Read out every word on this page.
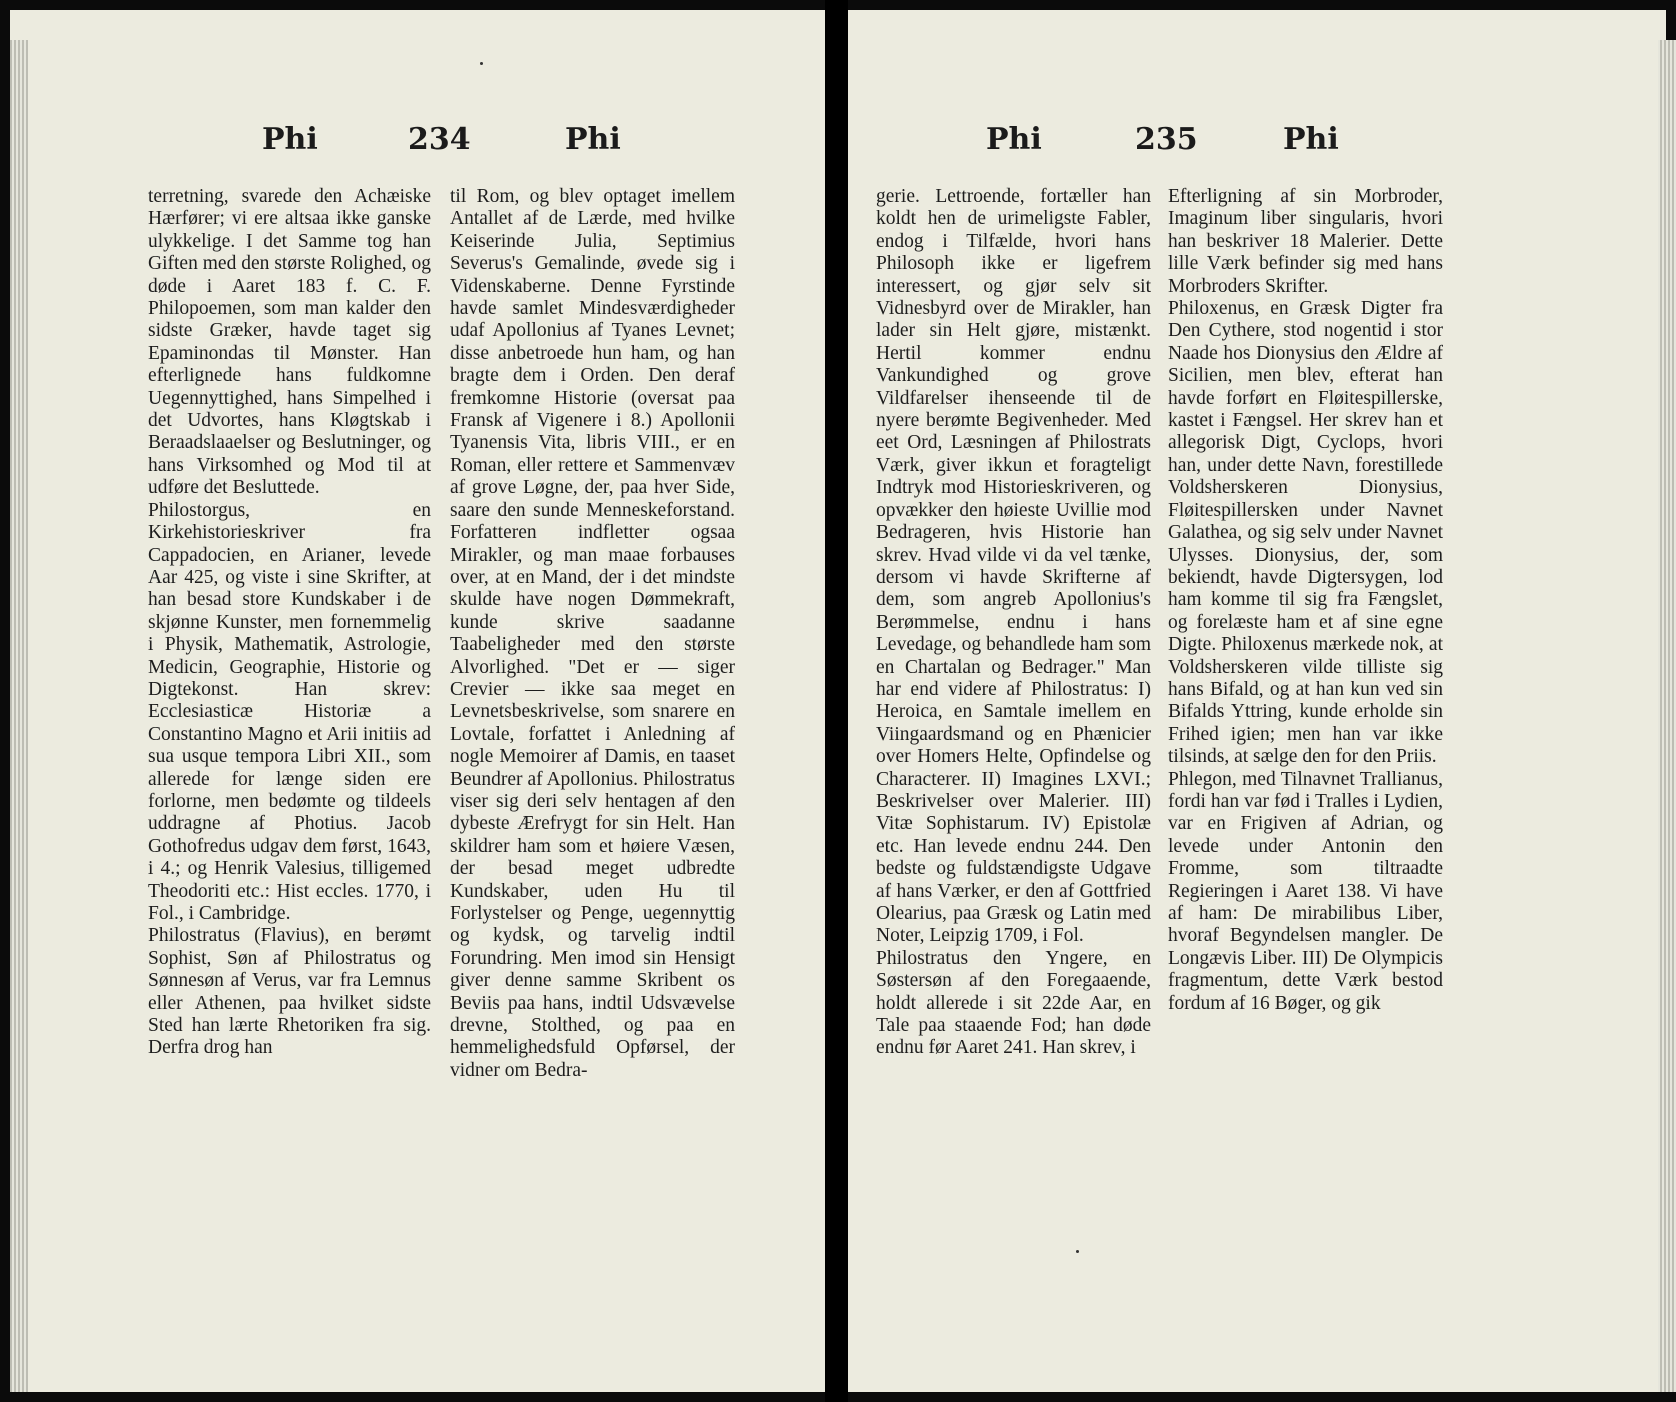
Phi	234	Phi

terretning, svarede den Achæiske Hærfører; vi ere altsaa ikke ganske ulykkelige. I det Samme tog han Giften med den største Rolighed, og døde i Aaret 183 f. C. F. Philopoemen, som man kalder den sidste Græker, havde taget sig Epaminondas til Mønster. Han efterlignede hans fuldkomne Uegennyttighed, hans Simpelhed i det Udvortes, hans Kløgtskab i Beraadslaaelser og Beslutninger, og hans Virksomhed og Mod til at udføre det Besluttede.

Philostorgus, en Kirkehistorieskriver fra Cappadocien, en Arianer, levede Aar 425, og viste i sine Skrifter, at han besad store Kundskaber i de skjønne Kunster, men fornemmelig i Physik, Mathematik, Astrologie, Medicin, Geographie, Historie og Digtekonst. Han skrev: Ecclesiasticæ Historiæ a Constantino Magno et Arii initiis ad sua usque tempora Libri XII., som allerede for længe siden ere forlorne, men bedømte og tildeels uddragne af Photius. Jacob Gothofredus udgav dem først, 1643, i 4.; og Henrik Valesius, tilligemed Theodoriti etc.: Hist eccles. 1770, i Fol., i Cambridge.

Philostratus (Flavius), en berømt Sophist, Søn af Philostratus og Sønnesøn af Verus, var fra Lemnus eller Athenen, paa hvilket sidste Sted han lærte Rhetoriken fra sig. Derfra drog han

til Rom, og blev optaget imellem Antallet af de Lærde, med hvilke Keiserinde Julia, Septimius Severus's Gemalinde, øvede sig i Videnskaberne. Denne Fyrstinde havde samlet Mindesværdigheder udaf Apollonius af Tyanes Levnet; disse anbetroede hun ham, og han bragte dem i Orden. Den deraf fremkomne Historie (oversat paa Fransk af Vigenere i 8.) Apollonii Tyanensis Vita, libris VIII., er en Roman, eller rettere et Sammenvæv af grove Løgne, der, paa hver Side, saare den sunde Menneskeforstand. Forfatteren indfletter ogsaa Mirakler, og man maae forbauses over, at en Mand, der i det mindste skulde have nogen Dømmekraft, kunde skrive saadanne Taabeligheder med den største Alvorlighed. "Det er — siger Crevier — ikke saa meget en Levnetsbeskrivelse, som snarere en Lovtale, forfattet i Anledning af nogle Memoirer af Damis, en taaset Beundrer af Apollonius. Philostratus viser sig deri selv hentagen af den dybeste Ærefrygt for sin Helt. Han skildrer ham som et høiere Væsen, der besad meget udbredte Kundskaber, uden Hu til Forlystelser og Penge, uegennyttig og kydsk, og tarvelig indtil Forundring. Men imod sin Hensigt giver denne samme Skribent os Beviis paa hans, indtil Udsvævelse drevne, Stolthed, og paa en hemmelighedsfuld Opførsel, der vidner om Bedra-

Phi	235	Phi

gerie. Lettroende, fortæller han koldt hen de urimeligste Fabler, endog i Tilfælde, hvori hans Philosoph ikke er ligefrem interessert, og gjør selv sit Vidnesbyrd over de Mirakler, han lader sin Helt gjøre, mistænkt. Hertil kommer endnu Vankundighed og grove Vildfarelser ihenseende til de nyere berømte Begivenheder. Med eet Ord, Læsningen af Philostrats Værk, giver ikkun et foragteligt Indtryk mod Historieskriveren, og opvækker den høieste Uvillie mod Bedrageren, hvis Historie han skrev. Hvad vilde vi da vel tænke, dersom vi havde Skrifterne af dem, som angreb Apollonius's Berømmelse, endnu i hans Levedage, og behandlede ham som en Chartalan og Bedrager." Man har end videre af Philostratus: I) Heroica, en Samtale imellem en Viingaardsmand og en Phænicier over Homers Helte, Opfindelse og Characterer. II) Imagines LXVI.; Beskrivelser over Malerier. III) Vitæ Sophistarum. IV) Epistolæ etc. Han levede endnu 244. Den bedste og fuldstændigste Udgave af hans Værker, er den af Gottfried Olearius, paa Græsk og Latin med Noter, Leipzig 1709, i Fol.

Philostratus den Yngere, en Søstersøn af den Foregaaende, holdt allerede i sit 22de Aar, en Tale paa staaende Fod; han døde endnu før Aaret 241. Han skrev, i

Efterligning af sin Morbroder, Imaginum liber singularis, hvori han beskriver 18 Malerier. Dette lille Værk befinder sig med hans Morbroders Skrifter.

Philoxenus, en Græsk Digter fra Den Cythere, stod nogentid i stor Naade hos Dionysius den Ældre af Sicilien, men blev, efterat han havde forført en Fløitespillerske, kastet i Fængsel. Her skrev han et allegorisk Digt, Cyclops, hvori han, under dette Navn, forestillede Voldsherskeren Dionysius, Fløitespillersken under Navnet Galathea, og sig selv under Navnet Ulysses. Dionysius, der, som bekiendt, havde Digtersygen, lod ham komme til sig fra Fængslet, og forelæste ham et af sine egne Digte. Philoxenus mærkede nok, at Voldsherskeren vilde tilliste sig hans Bifald, og at han kun ved sin Bifalds Yttring, kunde erholde sin Frihed igien; men han var ikke tilsinds, at sælge den for den Priis.

Phlegon, med Tilnavnet Trallianus, fordi han var fød i Tralles i Lydien, var en Frigiven af Adrian, og levede under Antonin den Fromme, som tiltraadte Regieringen i Aaret 138. Vi have af ham: De mirabilibus Liber, hvoraf Begyndelsen mangler. De Longævis Liber. III) De Olympicis fragmentum, dette Værk bestod fordum af 16 Bøger, og gik
